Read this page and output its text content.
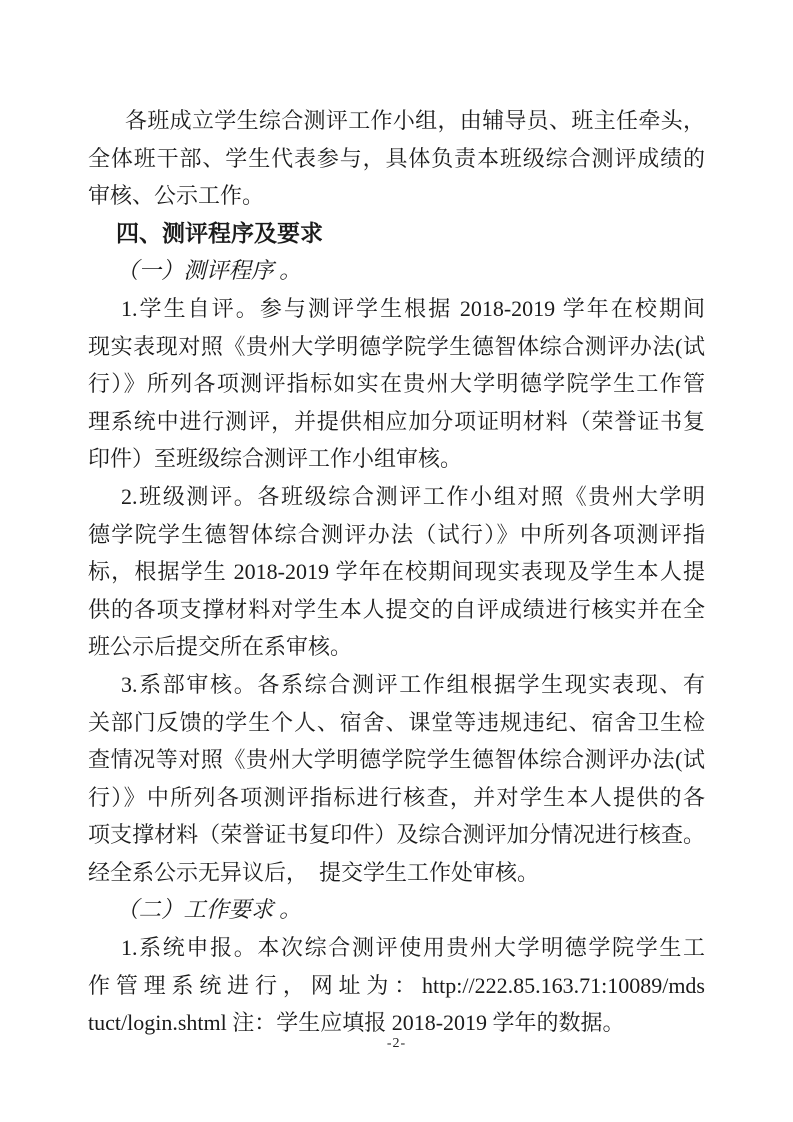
各班成立学生综合测评工作小组，由辅导员、班主任牵头，
全体班干部、学生代表参与，具体负责本班级综合测评成绩的
审核、公示工作。
四、测评程序及要求
（一）测评程序 。
1.学生自评。参与测评学生根据 2018-2019 学年在校期间
现实表现对照《贵州大学明德学院学生德智体综合测评办法(试
行）》所列各项测评指标如实在贵州大学明德学院学生工作管
理系统中进行测评，并提供相应加分项证明材料（荣誉证书复
印件）至班级综合测评工作小组审核。
2.班级测评。各班级综合测评工作小组对照《贵州大学明
德学院学生德智体综合测评办法（试行）》中所列各项测评指
标，根据学生 2018-2019 学年在校期间现实表现及学生本人提
供的各项支撑材料对学生本人提交的自评成绩进行核实并在全
班公示后提交所在系审核。
3.系部审核。各系综合测评工作组根据学生现实表现、有
关部门反馈的学生个人、宿舍、课堂等违规违纪、宿舍卫生检
查情况等对照《贵州大学明德学院学生德智体综合测评办法(试
行）》中所列各项测评指标进行核查，并对学生本人提供的各
项支撑材料（荣誉证书复印件）及综合测评加分情况进行核查。
经全系公示无异议后，　提交学生工作处审核。
（二）工作要求 。
1.系统申报。本次综合测评使用贵州大学明德学院学生工
作管理系统进行，网址为：http://222.85.163.71:10089/mds
tuct/login.shtml 注：学生应填报 2018-2019 学年的数据。
-2-
